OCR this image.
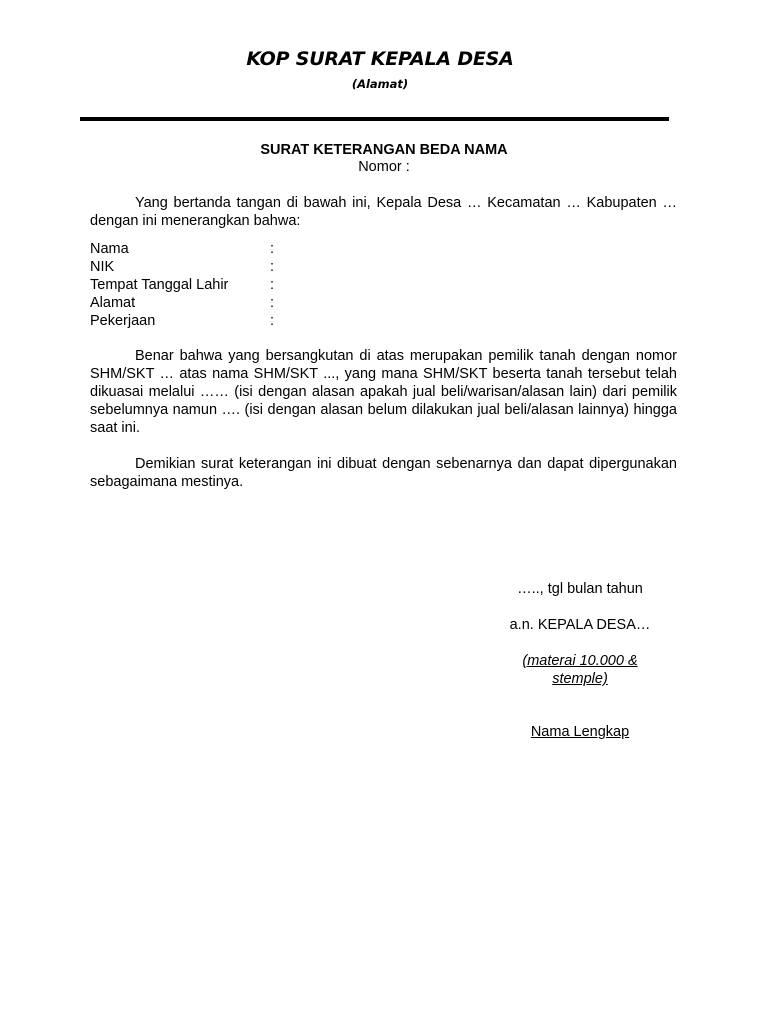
KOP SURAT KEPALA DESA
(Alamat)
SURAT KETERANGAN BEDA NAMA
Nomor :

Yang bertanda tangan di bawah ini, Kepala Desa … Kecamatan … Kabupaten … dengan ini menerangkan bahwa:

Nama	:
NIK	:
Tempat Tanggal Lahir	:
Alamat	:
Pekerjaan	:

Benar bahwa yang bersangkutan di atas merupakan pemilik tanah dengan nomor SHM/SKT … atas nama SHM/SKT ..., yang mana SHM/SKT beserta tanah tersebut telah dikuasai melalui …… (isi dengan alasan apakah jual beli/warisan/alasan lain) dari pemilik sebelumnya namun …. (isi dengan alasan belum dilakukan jual beli/alasan lainnya) hingga saat ini.

Demikian surat keterangan ini dibuat dengan sebenarnya dan dapat dipergunakan sebagaimana mestinya.

….., tgl bulan tahun
a.n. KEPALA DESA…
(materai 10.000 &
stemple)
Nama Lengkap
